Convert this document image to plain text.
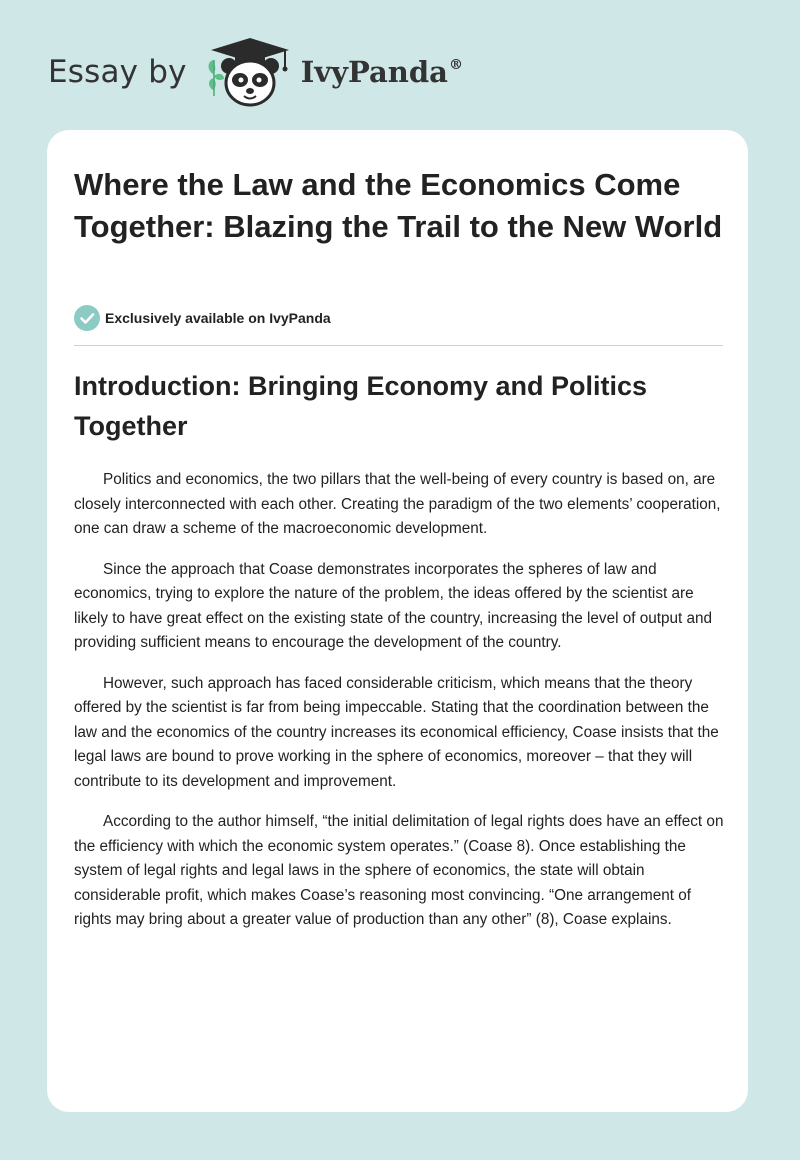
Essay by	IvyPanda®
Where the Law and the Economics Come Together: Blazing the Trail to the New World
Exclusively available on IvyPanda
Introduction: Bringing Economy and Politics Together

Politics and economics, the two pillars that the well-being of every country is based on, are closely interconnected with each other. Creating the paradigm of the two elements’ cooperation, one can draw a scheme of the macroeconomic development.

Since the approach that Coase demonstrates incorporates the spheres of law and economics, trying to explore the nature of the problem, the ideas offered by the scientist are likely to have great effect on the existing state of the country, increasing the level of output and providing sufficient means to encourage the development of the country.

However, such approach has faced considerable criticism, which means that the theory offered by the scientist is far from being impeccable. Stating that the coordination between the law and the economics of the country increases its economical efficiency, Coase insists that the legal laws are bound to prove working in the sphere of economics, moreover – that they will contribute to its development and improvement.

According to the author himself, “the initial delimitation of legal rights does have an effect on the efficiency with which the economic system operates.” (Coase 8). Once establishing the system of legal rights and legal laws in the sphere of economics, the state will obtain considerable profit, which makes Coase’s reasoning most convincing. “One arrangement of rights may bring about a greater value of production than any other” (8), Coase explains.
